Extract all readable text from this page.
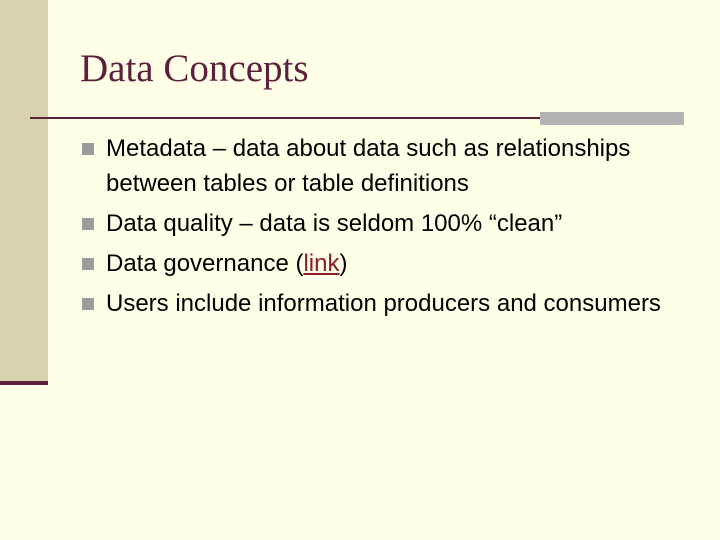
Data Concepts
Metadata – data about data such as relationships between tables or table definitions
Data quality – data is seldom 100% “clean”
Data governance (link)
Users include information producers and consumers
